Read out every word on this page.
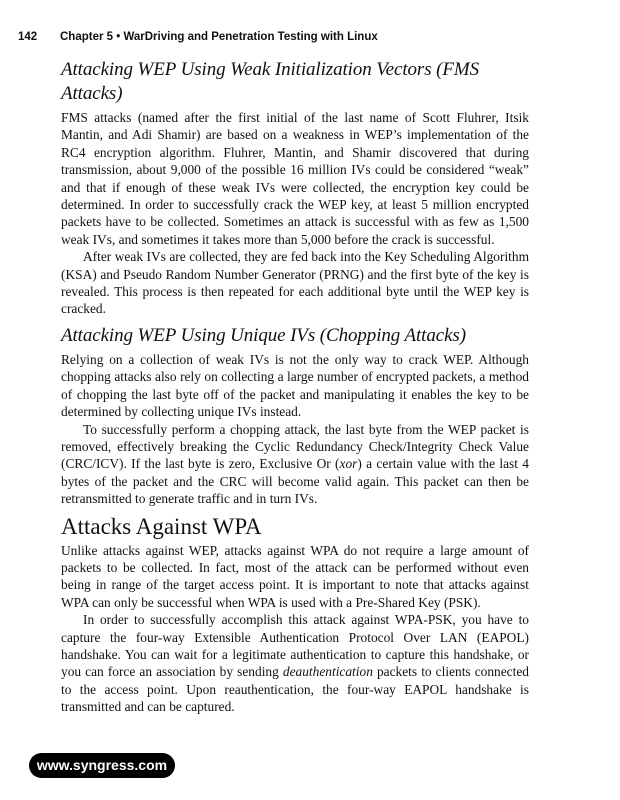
142 Chapter 5 • WarDriving and Penetration Testing with Linux
Attacking WEP Using Weak Initialization Vectors (FMS Attacks)

FMS attacks (named after the first initial of the last name of Scott Fluhrer, Itsik Mantin, and Adi Shamir) are based on a weakness in WEP’s implementation of the RC4 encryption algorithm. Fluhrer, Mantin, and Shamir discovered that during transmission, about 9,000 of the possible 16 million IVs could be considered “weak” and that if enough of these weak IVs were collected, the encryption key could be determined. In order to successfully crack the WEP key, at least 5 million encrypted packets have to be collected. Sometimes an attack is successful with as few as 1,500 weak IVs, and sometimes it takes more than 5,000 before the crack is successful.

After weak IVs are collected, they are fed back into the Key Scheduling Algorithm (KSA) and Pseudo Random Number Generator (PRNG) and the first byte of the key is revealed. This process is then repeated for each additional byte until the WEP key is cracked.

Attacking WEP Using Unique IVs (Chopping Attacks)

Relying on a collection of weak IVs is not the only way to crack WEP. Although chopping attacks also rely on collecting a large number of encrypted packets, a method of chopping the last byte off of the packet and manipulating it enables the key to be determined by collecting unique IVs instead.

To successfully perform a chopping attack, the last byte from the WEP packet is removed, effectively breaking the Cyclic Redundancy Check/Integrity Check Value (CRC/ICV). If the last byte is zero, Exclusive Or (xor) a certain value with the last 4 bytes of the packet and the CRC will become valid again. This packet can then be retransmitted to generate traffic and in turn IVs.

Attacks Against WPA

Unlike attacks against WEP, attacks against WPA do not require a large amount of packets to be collected. In fact, most of the attack can be performed without even being in range of the target access point. It is important to note that attacks against WPA can only be successful when WPA is used with a Pre-Shared Key (PSK).

In order to successfully accomplish this attack against WPA-PSK, you have to capture the four-way Extensible Authentication Protocol Over LAN (EAPOL) handshake. You can wait for a legitimate authentication to capture this handshake, or you can force an association by sending deauthentication packets to clients connected to the access point. Upon reauthentication, the four-way EAPOL handshake is transmitted and can be captured.

www.syngress.com
